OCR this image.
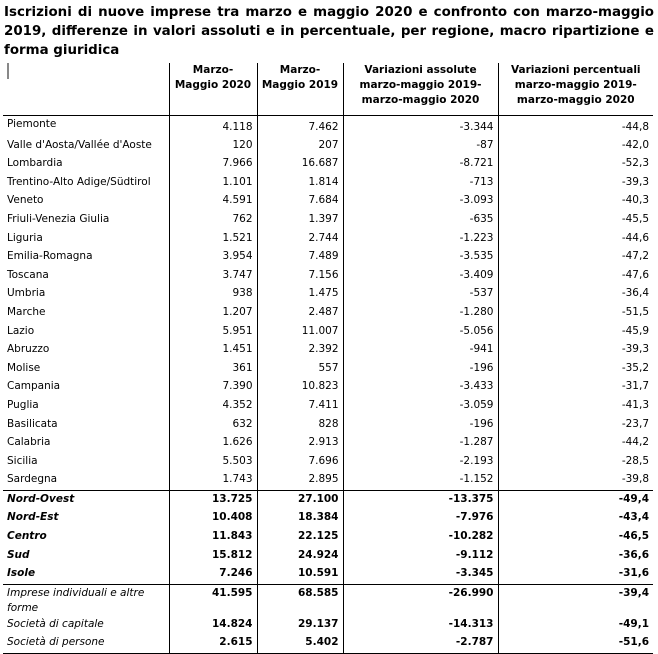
Iscrizioni di nuove imprese tra marzo e maggio 2020 e confronto con marzo-maggio 2019, differenze in valori assoluti e in percentuale, per regione, macro ripartizione e forma giuridica
	Marzo-Maggio 2020	Marzo-Maggio 2019	Variazioni assolute marzo-maggio 2019-marzo-maggio 2020	Variazioni percentuali marzo-maggio 2019-marzo-maggio 2020
Piemonte	4.118	7.462	-3.344	-44,8
Valle d'Aosta/Vallée d'Aoste	120	207	-87	-42,0
Lombardia	7.966	16.687	-8.721	-52,3
Trentino-Alto Adige/Südtirol	1.101	1.814	-713	-39,3
Veneto	4.591	7.684	-3.093	-40,3
Friuli-Venezia Giulia	762	1.397	-635	-45,5
Liguria	1.521	2.744	-1.223	-44,6
Emilia-Romagna	3.954	7.489	-3.535	-47,2
Toscana	3.747	7.156	-3.409	-47,6
Umbria	938	1.475	-537	-36,4
Marche	1.207	2.487	-1.280	-51,5
Lazio	5.951	11.007	-5.056	-45,9
Abruzzo	1.451	2.392	-941	-39,3
Molise	361	557	-196	-35,2
Campania	7.390	10.823	-3.433	-31,7
Puglia	4.352	7.411	-3.059	-41,3
Basilicata	632	828	-196	-23,7
Calabria	1.626	2.913	-1.287	-44,2
Sicilia	5.503	7.696	-2.193	-28,5
Sardegna	1.743	2.895	-1.152	-39,8
Nord-Ovest	13.725	27.100	-13.375	-49,4
Nord-Est	10.408	18.384	-7.976	-43,4
Centro	11.843	22.125	-10.282	-46,5
Sud	15.812	24.924	-9.112	-36,6
Isole	7.246	10.591	-3.345	-31,6
Imprese individuali e altre forme	41.595	68.585	-26.990	-39,4
Società di capitale	14.824	29.137	-14.313	-49,1
Società di persone	2.615	5.402	-2.787	-51,6
